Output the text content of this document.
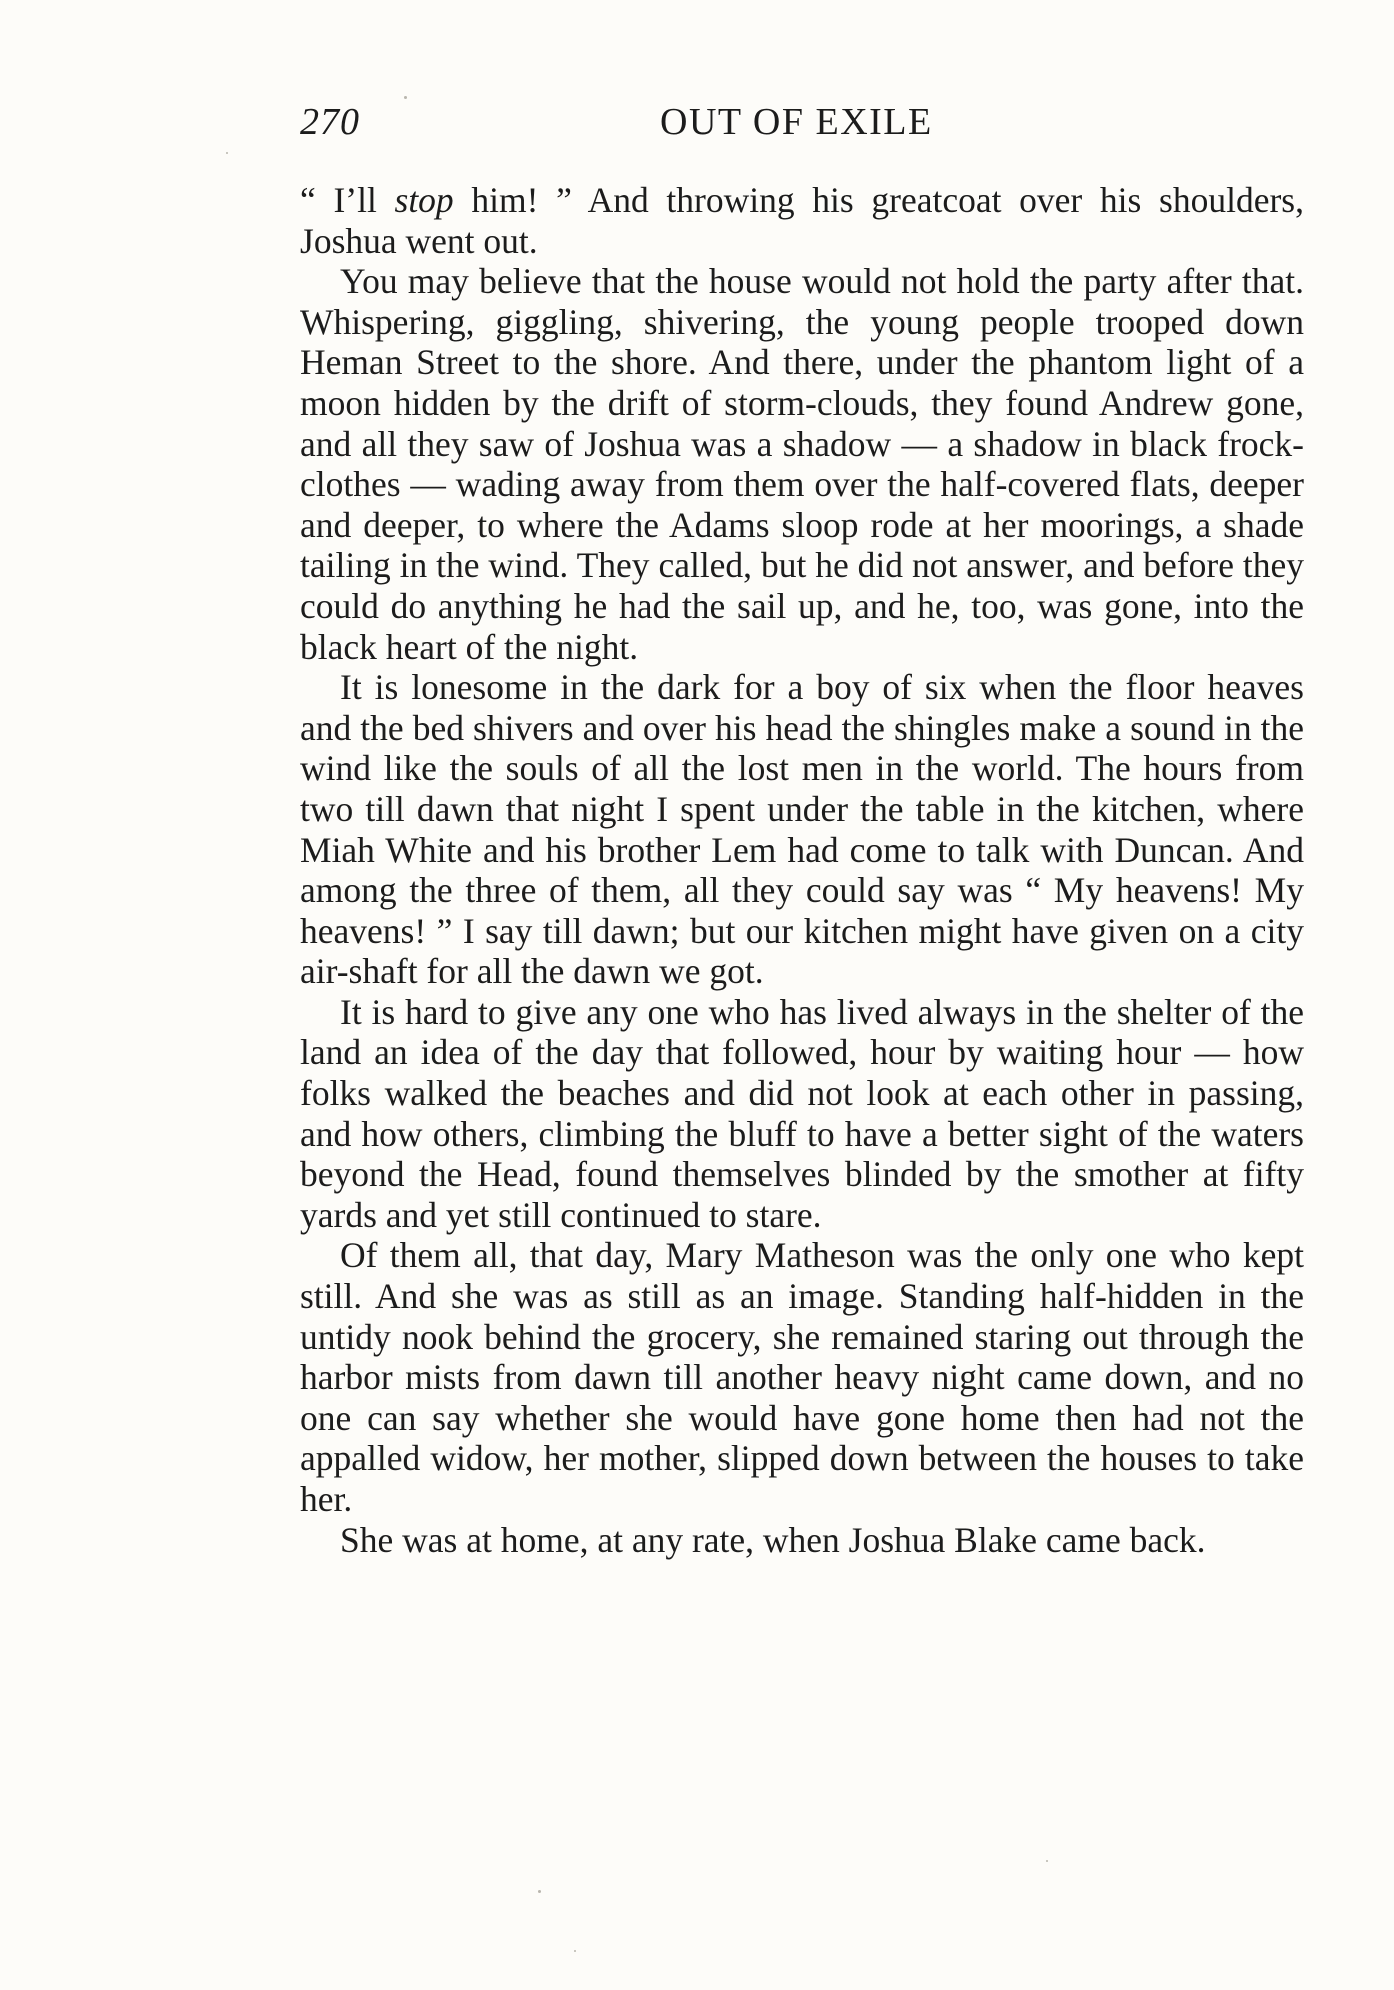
270	OUT OF EXILE

“ I’ll stop him! ” And throwing his greatcoat over his shoulders, Joshua went out.

You may believe that the house would not hold the party after that. Whispering, giggling, shivering, the young people trooped down Heman Street to the shore. And there, under the phantom light of a moon hidden by the drift of storm-clouds, they found Andrew gone, and all they saw of Joshua was a shadow — a shadow in black frock-clothes — wading away from them over the half-covered flats, deeper and deeper, to where the Adams sloop rode at her moorings, a shade tailing in the wind. They called, but he did not answer, and before they could do anything he had the sail up, and he, too, was gone, into the black heart of the night.

It is lonesome in the dark for a boy of six when the floor heaves and the bed shivers and over his head the shingles make a sound in the wind like the souls of all the lost men in the world. The hours from two till dawn that night I spent under the table in the kitchen, where Miah White and his brother Lem had come to talk with Duncan. And among the three of them, all they could say was “ My heavens! My heavens! ” I say till dawn; but our kitchen might have given on a city air-shaft for all the dawn we got.

It is hard to give any one who has lived always in the shelter of the land an idea of the day that followed, hour by waiting hour — how folks walked the beaches and did not look at each other in passing, and how others, climbing the bluff to have a better sight of the waters beyond the Head, found themselves blinded by the smother at fifty yards and yet still continued to stare.

Of them all, that day, Mary Matheson was the only one who kept still. And she was as still as an image. Standing half-hidden in the untidy nook behind the grocery, she remained staring out through the harbor mists from dawn till another heavy night came down, and no one can say whether she would have gone home then had not the appalled widow, her mother, slipped down between the houses to take her.

She was at home, at any rate, when Joshua Blake came back.
